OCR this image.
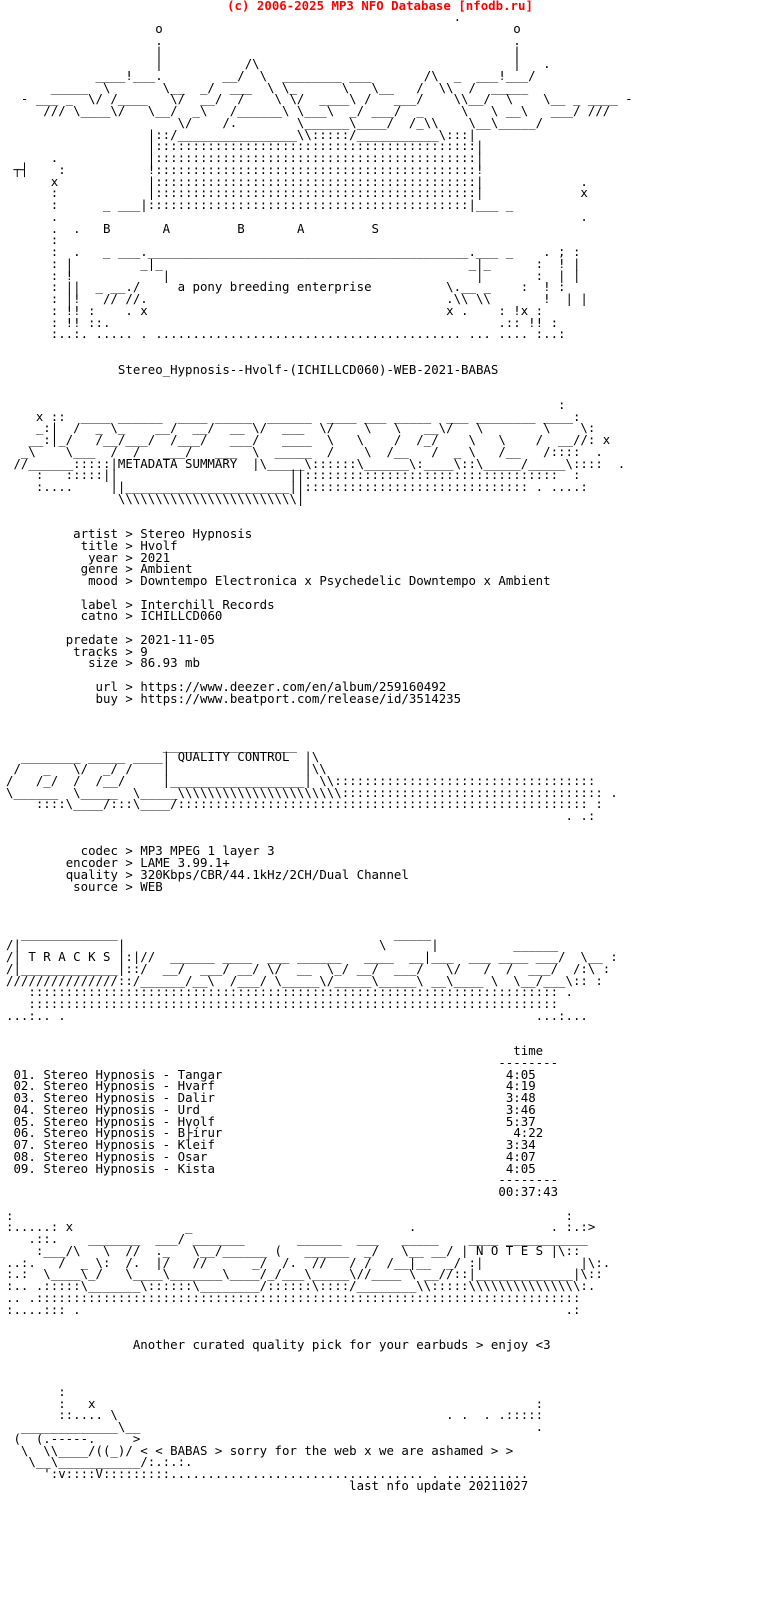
(c) 2006-2025 MP3 NFO Database [nfodb.ru]
.
o                                               o
.                                               .
|                                               |
|           /\                                  |   .
____!___.        __/  \  ________ ___       /\  _  ___!___/
_____  \       \__  _/  ___  \ \_      \   \__   /  \\  /  _____
- ___ _  \/ /____   \/  __/  /    \ \/  ____\ /   ___/    \\__/  \    \__ _ ____ -
/// \____\/   \__/  _\   /______\ \___\  _/ ___/  _     \   \ __\   ___/ ///
\/    /.        \______\____/  /_\\    \__\_____/
|::/________________\\:::::/___________\:::|
|:::::::::::::::::::::::::::::::::::::::::::|
.            |:::::::::::::::::::::::::::::::::::::::::::|
┬┤    :           !:::::::::::::::::::::::::::::::::::::::::::!
x            |:::::::::::::::::::::::::::::::::::::::::::|             .
:            |:::::::::::::::::::::::::::::::::::::::::::|             x
:      _ ___|:::::::::::::::::::::::::::::::::::::::::::|___ _
.                                                                      .
.  .   B       A         B       A         S
:
:  .   _ ___.___________________________________________.___ _    . ; :
: |         _|_                                         _|_      :  ! |
: !            |                                         |       :  | |
: ||  _ __./	a pony breeding enterprise	\.__ _    :  ! :
: |!   // //.                                        .\\ \\       !  | |
: !! :    . x                                        x .    : !x :
: !! ::.                                                    .:: !! :
:..:. ..... . ......................................... ... .... :..:

Stereo_Hypnosis--Hvolf-(ICHILLCD060)-WEB-2021-BABAS

:
x ::  ____ ______  ____ _____  ______  ____ ___ _____  ___ ________ ____:
_:|  /  _ \_    __/  __/  __ \/  ___  \/    \   \   __\/   \        \    \:
__:|_/   /__/___/  /___/   ___/   ____  \   \    /  /_/    \   \    /  __//: x
_\    \___  /  /   ___/   ___  \  _____  /    \  /__   /  _ \   /__   /::::  .
//______:::::|METADATA SUMMARY  |\_____\::::::\______\:____\::\_____/_____\::::  .
:   :::::||                       ||::::::::::::::::::::::::::::::::::  :
:....     ||______________________||:::::::::::::::::::::::::::::: . ....:
\\\\\\\\\\\\\\\\\\\\\\\\|

artist > Stereo Hypnosis
title > Hvolf
year > 2021
genre > Ambient
mood > Downtempo Electronica x Psychedelic Downtempo x Ambient

label > Interchill Records
catno > ICHILLCD060

predate > 2021-11-05
tracks > 9
size > 86.93 mb

url > https://www.deezer.com/en/album/259160492
buy > https://www.beatport.com/release/id/3514235

__________________
________ _____ ____| QUALITY CONTROL  |\
/   _   \/  _/ /    |                  |\\
/   /_/  /  /__/     |__________________| \\:::::::::::::::::::::::::::::::::::
\______  \_____  \_____\\\\\\\\\\\\\\\\\\\\\\::::::::::::::::::::::::::::::::::: .
::::\____/:::\____/::::::::::::::::::::::::::::::::::::::::::::::::::::::: :
. .:

codec > MP3 MPEG 1 layer 3
encoder > LAME 3.99.1+
quality > 320Kbps/CBR/44.1kHz/2CH/Dual Channel
source > WEB

_____________                                     _____
/|             |                                  \      |          ______
/| T R A C K S |:|//  ______ ____  ___ ______   ____  __|___  ___ ____ ___/  \__ :
/|_____________|::/  __/  ___/ __/ \/  __  \_/ __/  ___/   \/   /  /  ___/  /:\ :
///////////////::/______/__\  /___/ \_____\/_____\_____\ __\____ \  \__/___\:: :
::::::::::::::::::::::::::::::::::::::::::::::::::::::::::::::::::::::: .
:::::::::::::::::::::::::::::::::::::::::::::::::::::::::::::::::::::::
...:.. .                                                               ...:...

time
--------

01. Stereo Hypnosis - Tangar	4:05
02. Stereo Hypnosis - Hvarf	4:19
03. Stereo Hypnosis - Dalir	3:48
04. Stereo Hypnosis - Urd	3:46
05. Stereo Hypnosis - Hvolf	5:37
06. Stereo Hypnosis - B├írur	4:22
07. Stereo Hypnosis - Kleif	3:34
08. Stereo Hypnosis - Osar	4:07
09. Stereo Hypnosis - Kista	4:05
--------
00:37:43

:                                                                          :
:.....: x               _                             .                  . :.:>
.::.    _______  ___/ _______       ______  ___   _____    ____ ___________
:___/\   \  //  ._   \__/______ (   ______  _/   \__ __/ | N O T E S |\::
..:.   /  _ \:  /.  |/   //      _/  /.  //   / /  /__|__  _/ :|             |\:.
:.:  \____\_/   \____\_______\____/_/___\_____\//____ \ __//::|_____________|\::
:.. .:::::\_______\::::::\________/::::::\::::/________\\:::::\\\\\\\\\\\\\\\:.
.. .:::::::::::::::::::::::::::::::::::::::::::::::::::::::::::::::::::::::::
:....::: .                                                                 .:

Another curated quality pick for your earbuds > enjoy <3

:
:   x                                                           :
::.... \                                            . .  . .:::::
_____________\__                                                     .
(  (.-----.     >
\  \\____/((_)/ < < BABAS > sorry for the web x we are ashamed > >
\__\___________/:.:.:.
':v::::V:::::::::.................................. . ...........
last nfo update 20211027
